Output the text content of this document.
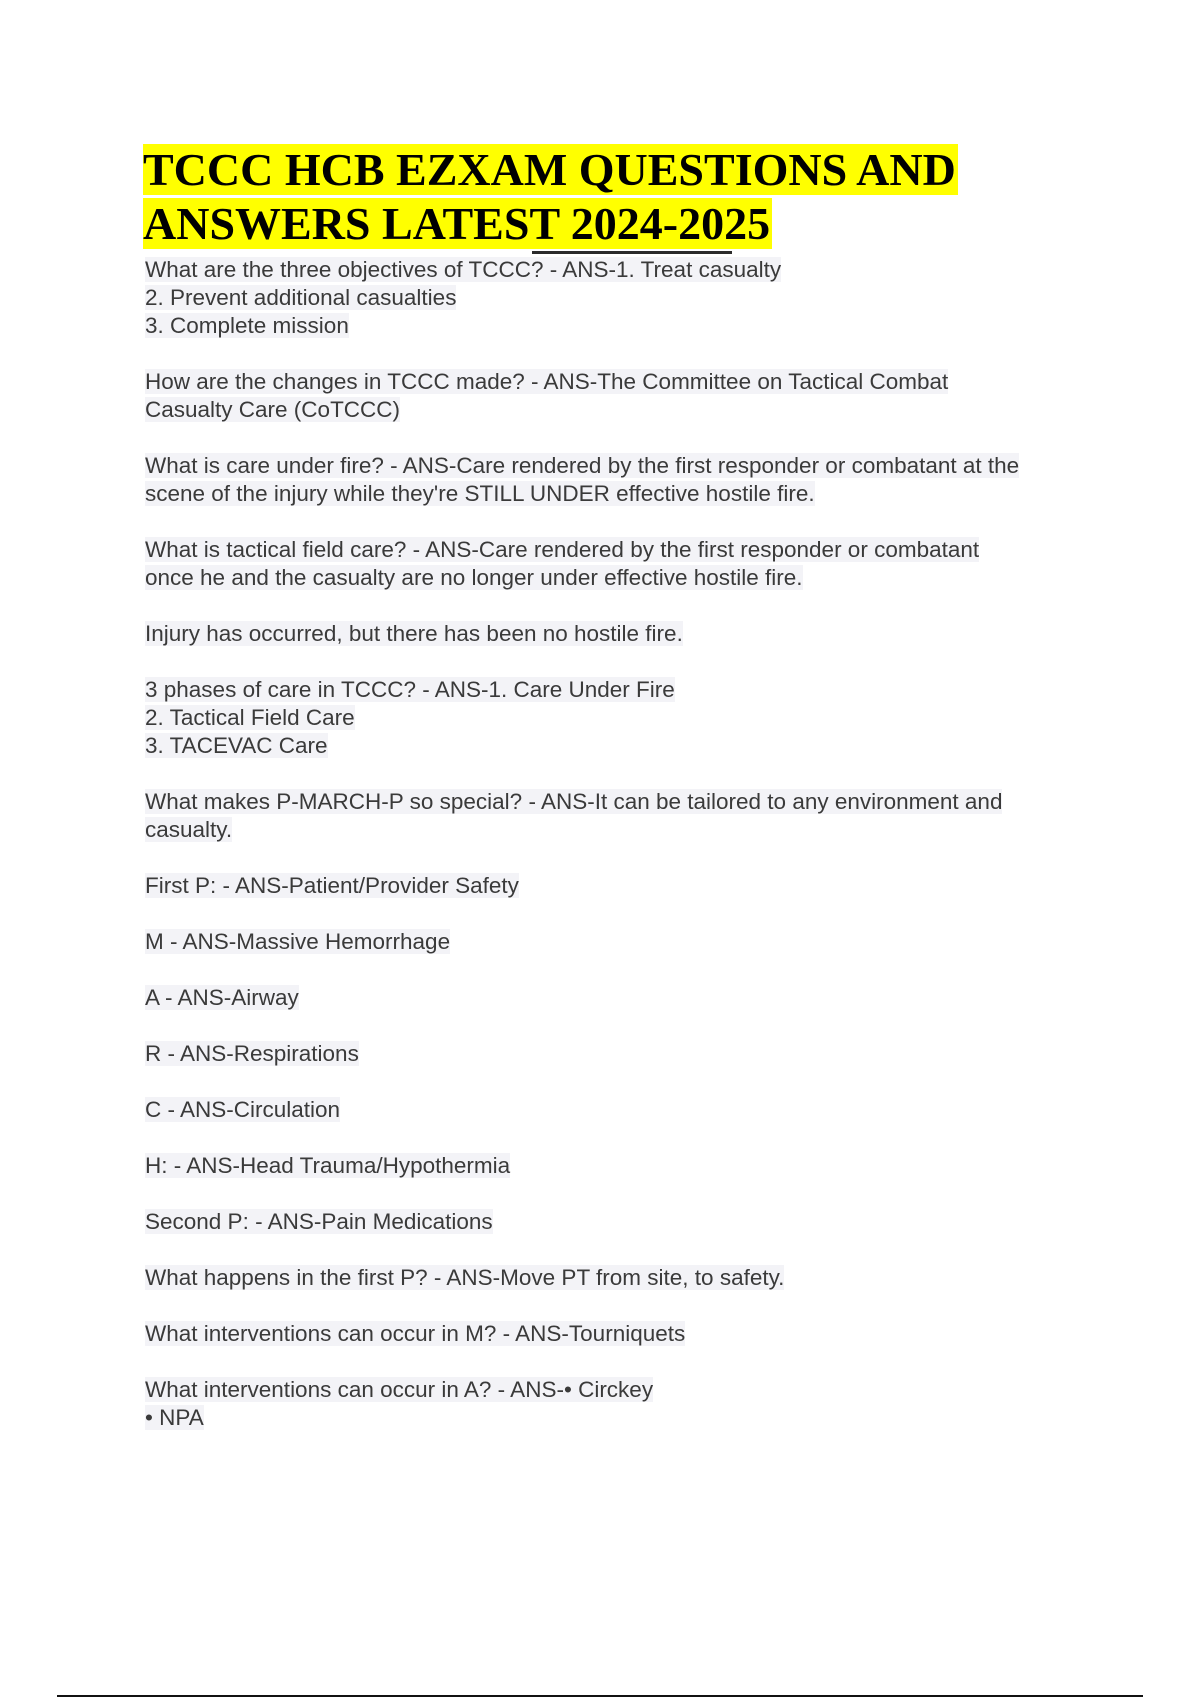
TCCC HCB EZXAM QUESTIONS AND
ANSWERS LATEST 2024-2025
What are the three objectives of TCCC? - ANS-1. Treat casualty
2. Prevent additional casualties
3. Complete mission
How are the changes in TCCC made? - ANS-The Committee on Tactical Combat
Casualty Care (CoTCCC)
What is care under fire? - ANS-Care rendered by the first responder or combatant at the
scene of the injury while they're STILL UNDER effective hostile fire.
What is tactical field care? - ANS-Care rendered by the first responder or combatant
once he and the casualty are no longer under effective hostile fire.
Injury has occurred, but there has been no hostile fire.
3 phases of care in TCCC? - ANS-1. Care Under Fire
2. Tactical Field Care
3. TACEVAC Care
What makes P-MARCH-P so special? - ANS-It can be tailored to any environment and
casualty.
First P: - ANS-Patient/Provider Safety
M - ANS-Massive Hemorrhage
A - ANS-Airway
R - ANS-Respirations
C - ANS-Circulation
H: - ANS-Head Trauma/Hypothermia
Second P: - ANS-Pain Medications
What happens in the first P? - ANS-Move PT from site, to safety.
What interventions can occur in M? - ANS-Tourniquets
What interventions can occur in A? - ANS-• Circkey
• NPA
